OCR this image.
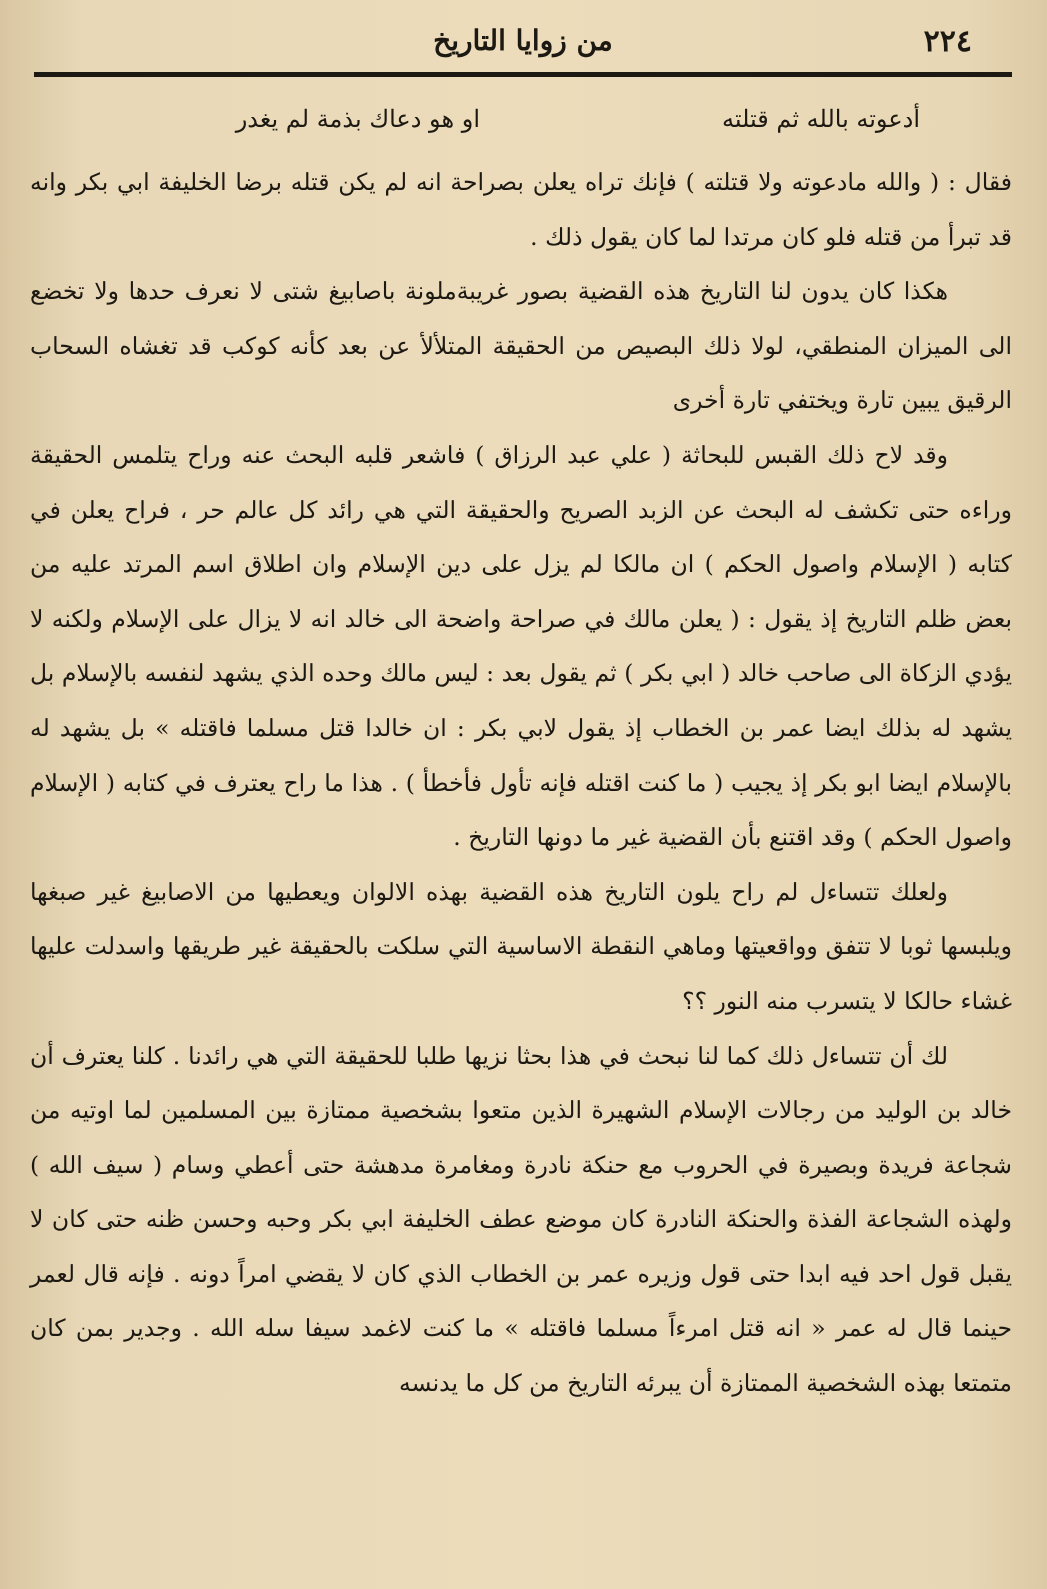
٢٢٤
من زوايا التاريخ
أدعوته بالله ثم قتلته
او هو دعاك بذمة لم يغدر

فقال : ( والله مادعوته ولا قتلته ) فإنك تراه يعلن بصراحة انه لم يكن قتله برضا الخليفة ابي بكر وانه قد تبرأ من قتله فلو كان مرتدا لما كان يقول ذلك .

هكذا كان يدون لنا التاريخ هذه القضية بصور غريبةملونة باصابيغ شتى لا نعرف حدها ولا تخضع الى الميزان المنطقي، لولا ذلك البصيص من الحقيقة المتلألأ عن بعد كأنه كوكب قد تغشاه السحاب الرقيق يبين تارة ويختفي تارة أخرى

وقد لاح ذلك القبس للبحاثة ( علي عبد الرزاق ) فاشعر قلبه البحث عنه وراح يتلمس الحقيقة وراءه حتى تكشف له البحث عن الزبد الصريح والحقيقة التي هي رائد كل عالم حر ، فراح يعلن في كتابه ( الإسلام واصول الحكم ) ان مالكا لم يزل على دين الإسلام وان اطلاق اسم المرتد عليه من بعض ظلم التاريخ إذ يقول : ( يعلن مالك في صراحة واضحة الى خالد انه لا يزال على الإسلام ولكنه لا يؤدي الزكاة الى صاحب خالد ( ابي بكر ) ثم يقول بعد : ليس مالك وحده الذي يشهد لنفسه بالإسلام بل يشهد له بذلك ايضا عمر بن الخطاب إذ يقول لابي بكر : ان خالدا قتل مسلما فاقتله » بل يشهد له بالإسلام ايضا ابو بكر إذ يجيب ( ما كنت اقتله فإنه تأول فأخطأ ) . هذا ما راح يعترف في كتابه ( الإسلام واصول الحكم ) وقد اقتنع بأن القضية غير ما دونها التاريخ .

ولعلك تتساءل لم راح يلون التاريخ هذه القضية بهذه الالوان ويعطيها من الاصابيغ غير صبغها ويلبسها ثوبا لا تتفق وواقعيتها وماهي النقطة الاساسية التي سلكت بالحقيقة غير طريقها واسدلت عليها غشاء حالكا لا يتسرب منه النور ؟؟

لك أن تتساءل ذلك كما لنا نبحث في هذا بحثا نزيها طلبا للحقيقة التي هي رائدنا . كلنا يعترف أن خالد بن الوليد من رجالات الإسلام الشهيرة الذين متعوا بشخصية ممتازة بين المسلمين لما اوتيه من شجاعة فريدة وبصيرة في الحروب مع حنكة نادرة ومغامرة مدهشة حتى أعطي وسام ( سيف الله ) ولهذه الشجاعة الفذة والحنكة النادرة كان موضع عطف الخليفة ابي بكر وحبه وحسن ظنه حتى كان لا يقبل قول احد فيه ابدا حتى قول وزيره عمر بن الخطاب الذي كان لا يقضي امراً دونه . فإنه قال لعمر حينما قال له عمر « انه قتل امرءاً مسلما فاقتله » ما كنت لاغمد سيفا سله الله . وجدير بمن كان متمتعا بهذه الشخصية الممتازة أن يبرئه التاريخ من كل ما يدنسه
